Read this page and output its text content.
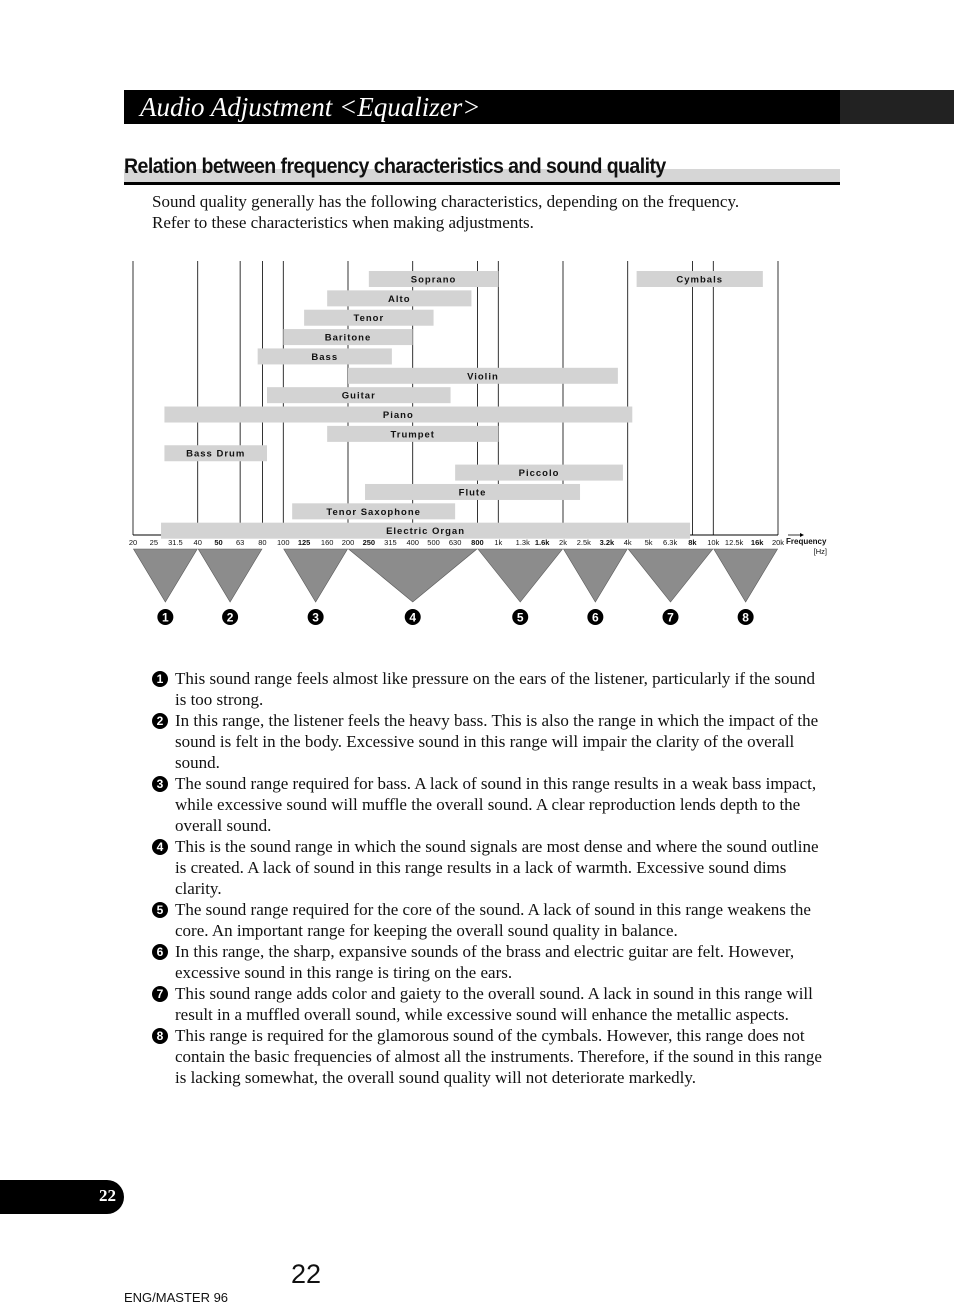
Audio Adjustment <Equalizer>
Relation between frequency characteristics and sound quality

Sound quality generally has the following characteristics, depending on the frequency.

Refer to these characteristics when making adjustments.

Soprano	Cymbals
Alto
Tenor
Baritone
Bass
Violin
Guitar
Piano
Trumpet
Bass Drum
Piccolo
Flute
Tenor Saxophone
Electric Organ
20 25 31.5 40 50 63 80 100 125 160 200 250 315 400 500 630 800 1k 1.3k 1.6k 2k 2.5k 3.2k 4k 5k 6.3k 8k 10k 12.5k 16k 20k Frequency
[Hz]
1	2	3	4	5	6	7	8
1 This sound range feels almost like pressure on the ears of the listener, particularly if the sound is too strong.
2 In this range, the listener feels the heavy bass. This is also the range in which the impact of the sound is felt in the body. Excessive sound in this range will impair the clarity of the overall sound.
3 The sound range required for bass. A lack of sound in this range results in a weak bass impact, while excessive sound will muffle the overall sound. A clear reproduction lends depth to the overall sound.
4 This is the sound range in which the sound signals are most dense and where the sound outline is created. A lack of sound in this range results in a lack of warmth. Excessive sound dims clarity.
5 The sound range required for the core of the sound. A lack of sound in this range weakens the core. An important range for keeping the overall sound quality in balance.
6 In this range, the sharp, expansive sounds of the brass and electric guitar are felt. However, excessive sound in this range is tiring on the ears.
7 This sound range adds color and gaiety to the overall sound. A lack in sound in this range will result in a muffled overall sound, while excessive sound will enhance the metallic aspects.
8 This range is required for the glamorous sound of the cymbals. However, this range does not contain the basic frequencies of almost all the instruments. Therefore, if the sound in this range is lacking somewhat, the overall sound quality will not deteriorate markedly.
22
22
ENG/MASTER 96
